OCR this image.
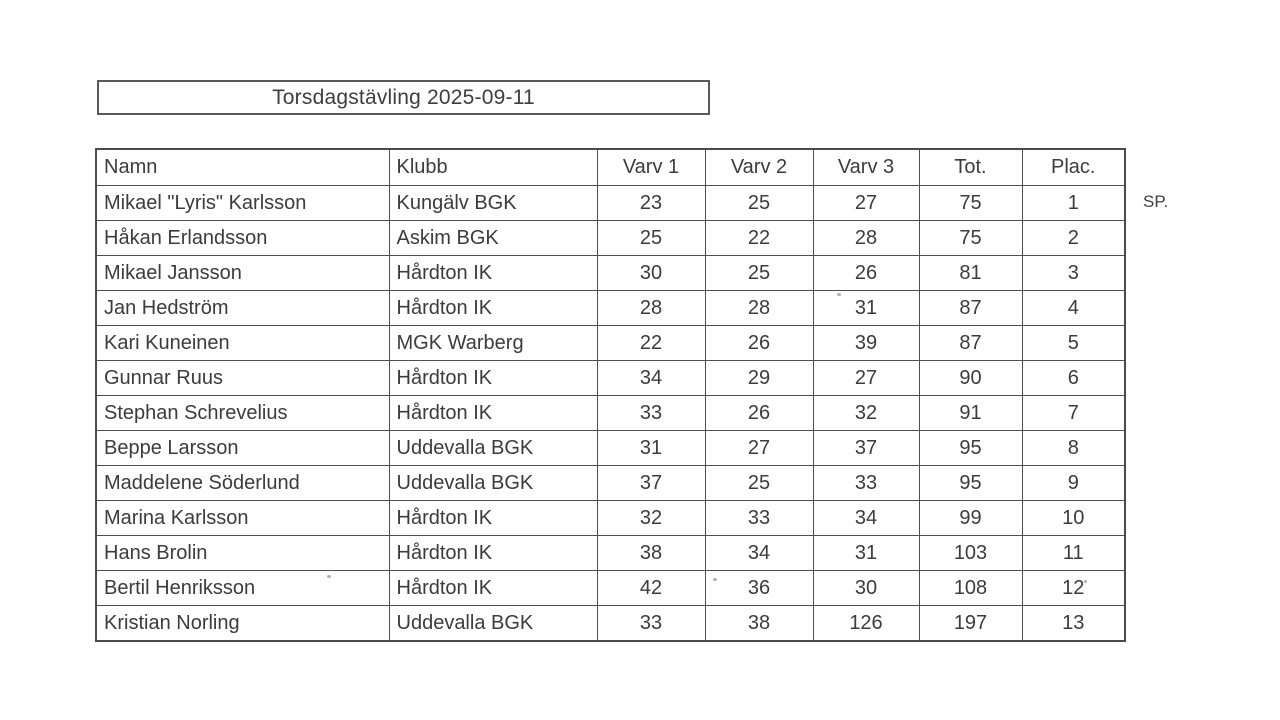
Torsdagstävling 2025-09-11
Namn	Klubb	Varv 1	Varv 2	Varv 3	Tot.	Plac.
Mikael "Lyris" Karlsson	Kungälv BGK	23	25	27	75	1
Håkan Erlandsson	Askim BGK	25	22	28	75	2
Mikael Jansson	Hårdton IK	30	25	26	81	3
Jan Hedström	Hårdton IK	28	28	31	87	4
Kari Kuneinen	MGK Warberg	22	26	39	87	5
Gunnar Ruus	Hårdton IK	34	29	27	90	6
Stephan Schrevelius	Hårdton IK	33	26	32	91	7
Beppe Larsson	Uddevalla BGK	31	27	37	95	8
Maddelene Söderlund	Uddevalla BGK	37	25	33	95	9
Marina Karlsson	Hårdton IK	32	33	34	99	10
Hans Brolin	Hårdton IK	38	34	31	103	11
Bertil Henriksson	Hårdton IK	42	36	30	108	12
Kristian Norling	Uddevalla BGK	33	38	126	197	13
SP.
